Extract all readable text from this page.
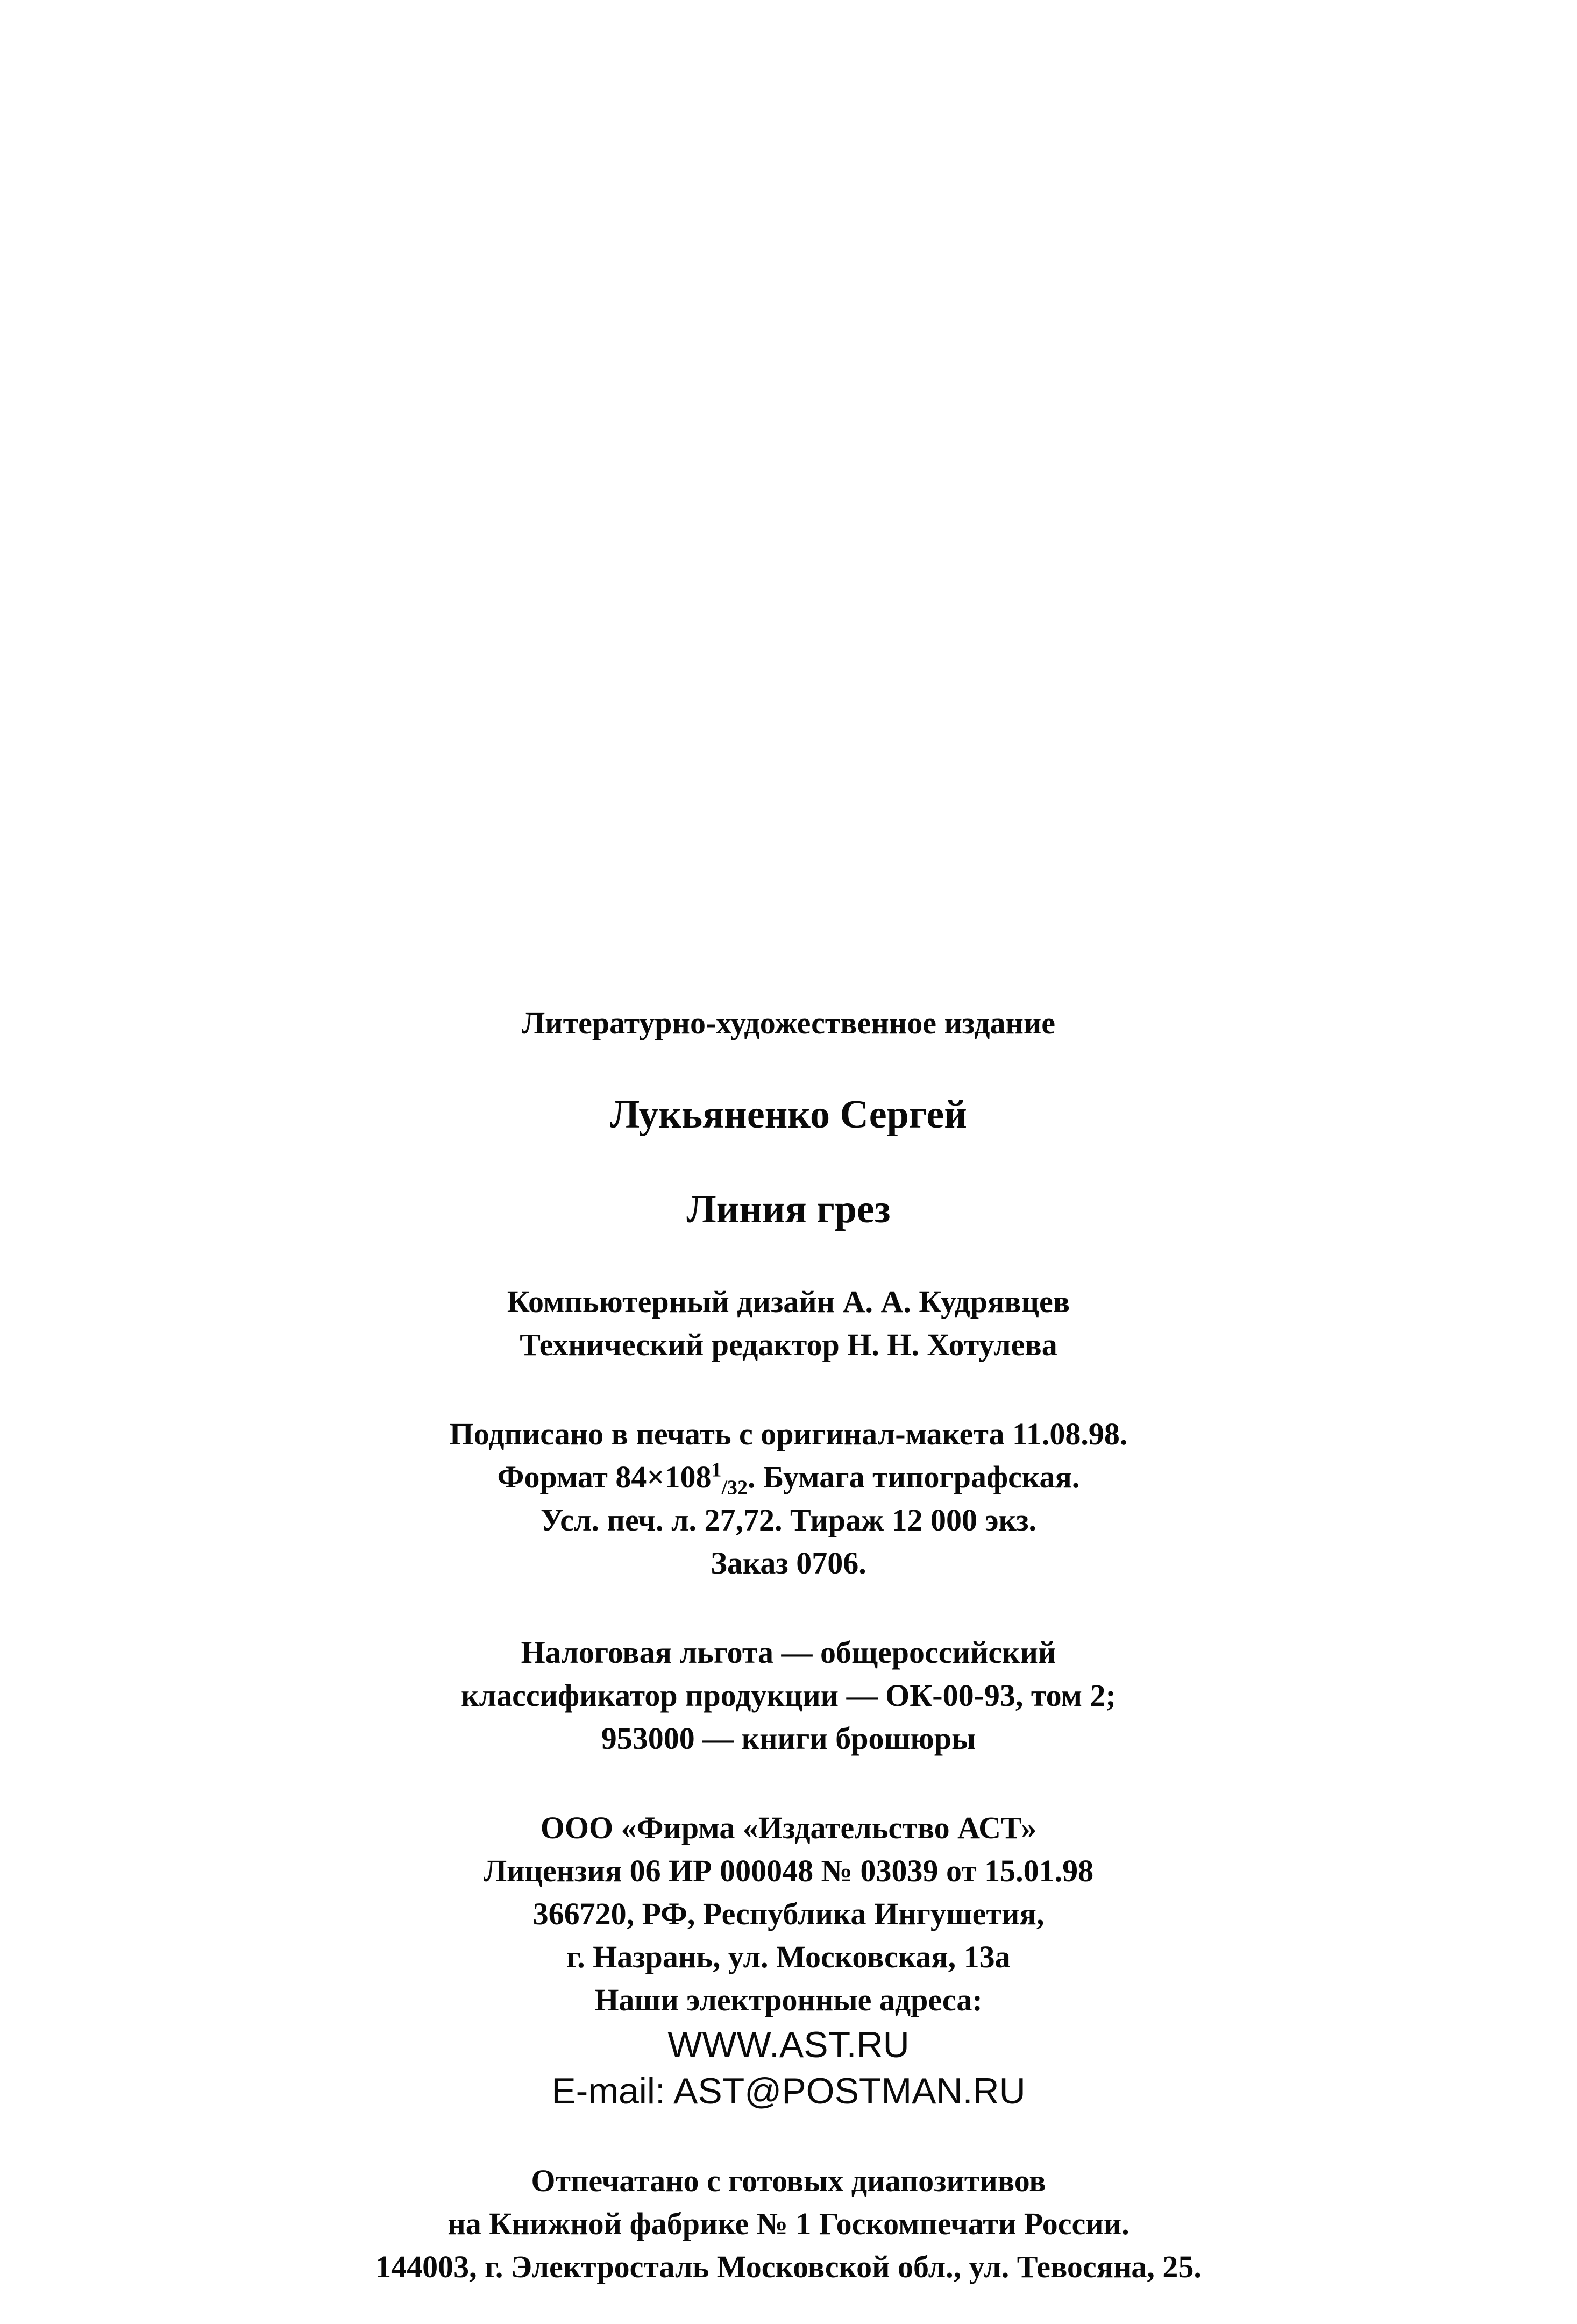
Литературно-художественное издание
Лукьяненко Сергей
Линия грез
Компьютерный дизайн А. А. Кудрявцев
Технический редактор Н. Н. Хотулева
Подписано в печать с оригинал-макета 11.08.98.
Формат $84\times 108^1_{/32}$. Бумага типографская.
Усл. печ. л. 27,72. Тираж 12 000 экз.
Заказ 0706.
Налоговая льгота — общероссийский
классификатор продукции — ОК-00-93, том 2;
953000 — книги брошюры
ООО «Фирма «Издательство АСТ»
Лицензия 06 ИР 000048 № 03039 от 15.01.98
366720, РФ, Республика Ингушетия,
г. Назрань, ул. Московская, 13а
Наши электронные адреса:
WWW.AST.RU
E-mail: AST@POSTMAN.RU
Отпечатано с готовых диапозитивов
на Книжной фабрике № 1 Госкомпечати России.
144003, г. Электросталь Московской обл., ул. Тевосяна, 25.
